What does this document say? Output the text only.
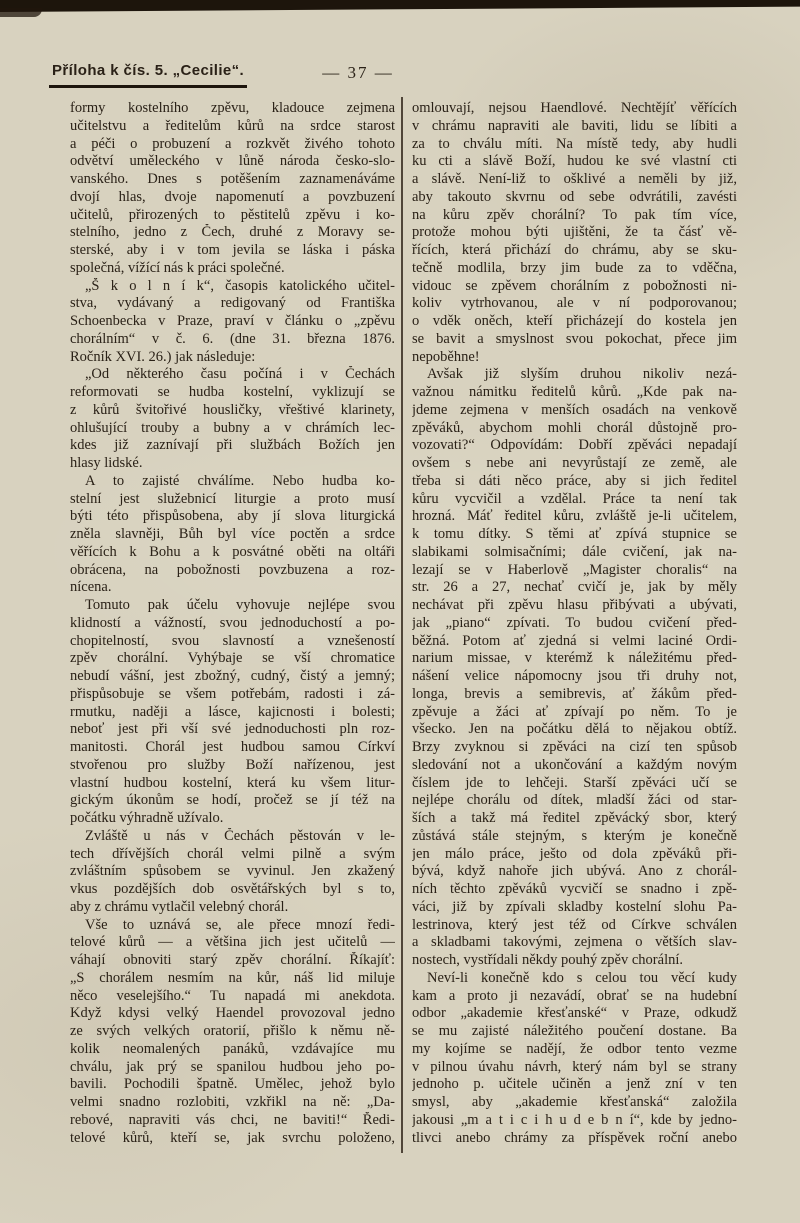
Příloha k čís. 5. „Cecilie“.	— 37 —
formy kostelního zpěvu, kladouce zejmena
učitelstvu a ředitelům kůrů na srdce starost
a péči o probuzení a rozkvět živého tohoto
odvětví uměleckého v lůně národa česko-slo-
vanského. Dnes s potěšením zaznamenáváme
dvojí hlas, dvoje napomenutí a povzbuzení
učitelů, přirozených to pěstitelů zpěvu i ko-
stelního, jedno z Čech, druhé z Moravy se-
sterské, aby i v tom jevila se láska i páska
společná, vížící nás k práci společné.
„Š k o l n í k“, časopis katolického učitel-
stva, vydávaný a redigovaný od Františka
Schoenbecka v Praze, praví v článku o „zpěvu
chorálním“ v č. 6. (dne 31. března 1876.
Ročník XVI. 26.) jak následuje:
„Od některého času počíná i v Čechách
reformovati se hudba kostelní, vyklizují se
z kůrů švitořivé housličky, vřeštivé klarinety,
ohlušující trouby a bubny a v chrámích lec-
kdes již zaznívají při službách Božích jen
hlasy lidské.
A to zajisté chválíme. Nebo hudba ko-
stelní jest služebnicí liturgie a proto musí
býti této přispůsobena, aby jí slova liturgická
zněla slavněji, Bůh byl více poctěn a srdce
věřících k Bohu a k posvátné oběti na oltáři
obrácena, na pobožnosti povzbuzena a roz-
nícena.
Tomuto pak účelu vyhovuje nejlépe svou
klidností a vážností, svou jednoduchostí a po-
chopitelností, svou slavností a vznešeností
zpěv chorální. Vyhýbaje se vší chromatice
nebudí vášní, jest zbožný, cudný, čistý a jemný;
přispůsobuje se všem potřebám, radosti i zá-
rmutku, naději a lásce, kajicnosti i bolesti;
neboť jest při vší své jednoduchosti pln roz-
manitosti. Chorál jest hudbou samou Církví
stvořenou pro služby Boží nařízenou, jest
vlastní hudbou kostelní, která ku všem litur-
gickým úkonům se hodí, pročež se jí též na
počátku výhradně užívalo.
Zvláště u nás v Čechách pěstován v le-
tech dřívějších chorál velmi pilně a svým
zvláštním spůsobem se vyvinul. Jen zkažený
vkus pozdějších dob osvětářských byl s to,
aby z chrámu vytlačil velebný chorál.
Vše to uznává se, ale přece mnozí ředi-
telové kůrů — a většina jich jest učitelů —
váhají obnoviti starý zpěv chorální. Říkajíť:
„S chorálem nesmím na kůr, náš lid miluje
něco veselejšího.“ Tu napadá mi anekdota.
Když kdysi velký Haendel provozoval jedno
ze svých velkých oratorií, přišlo k němu ně-
kolik neomalených panáků, vzdávajíce mu
chválu, jak prý se spanilou hudbou jeho po-
bavili. Pochodili špatně. Umělec, jehož bylo
velmi snadno rozlobiti, vzkřikl na ně: „Da-
rebové, napraviti vás chci, ne baviti!“ Ředi-
telové kůrů, kteří se, jak svrchu položeno,
omlouvají, nejsou Haendlové. Nechtějíť věřících
v chrámu napraviti ale baviti, lidu se líbiti a
za to chválu míti. Na místě tedy, aby hudli
ku cti a slávě Boží, hudou ke své vlastní cti
a slávě. Není-liž to ošklivé a neměli by již,
aby takouto skvrnu od sebe odvrátili, zavésti
na kůru zpěv chorální? To pak tím více,
protože mohou býti ujištěni, že ta čásť vě-
řících, která přichází do chrámu, aby se sku-
tečně modlila, brzy jim bude za to vděčna,
vidouc se zpěvem chorálním z pobožnosti ni-
koliv vytrhovanou, ale v ní podporovanou;
o vděk oněch, kteří přicházejí do kostela jen
se bavit a smyslnost svou pokochat, přece jim
nepoběhne!
Avšak již slyším druhou nikoliv nezá-
važnou námitku ředitelů kůrů. „Kde pak na-
jdeme zejmena v menších osadách na venkově
zpěváků, abychom mohli chorál důstojně pro-
vozovati?“ Odpovídám: Dobří zpěváci nepadají
ovšem s nebe ani nevyrůstají ze země, ale
třeba si dáti něco práce, aby si jich ředitel
kůru vycvičil a vzdělal. Práce ta není tak
hrozná. Máť ředitel kůru, zvláště je-li učitelem,
k tomu dítky. S těmi ať zpívá stupnice se
slabikami solmisačními; dále cvičení, jak na-
lezají se v Haberlově „Magister choralis“ na
str. 26 a 27, nechať cvičí je, jak by měly
nechávat při zpěvu hlasu přibývati a ubývati,
jak „piano“ zpívati. To budou cvičení před-
běžná. Potom ať zjedná si velmi laciné Ordi-
narium missae, v kterémž k náležitému před-
nášení velice nápomocny jsou tři druhy not,
longa, brevis a semibrevis, ať žákům před-
zpěvuje a žáci ať zpívají po něm. To je
všecko. Jen na počátku dělá to nějakou obtíž.
Brzy zvyknou si zpěváci na cizí ten spůsob
sledování not a ukončování a každým novým
číslem jde to lehčeji. Starší zpěváci učí se
nejlépe chorálu od dítek, mladší žáci od star-
ších a takž má ředitel zpěvácký sbor, který
zůstává stále stejným, s kterým je konečně
jen málo práce, ješto od dola zpěváků při-
bývá, když nahoře jich ubývá. Ano z chorál-
ních těchto zpěváků vycvičí se snadno i zpě-
váci, již by zpívali skladby kostelní slohu Pa-
lestrinova, který jest též od Církve schválen
a skladbami takovými, zejmena o větších slav-
nostech, vystřídali někdy pouhý zpěv chorální.
Neví-li konečně kdo s celou tou věcí kudy
kam a proto ji nezavádí, obrať se na hudební
odbor „akademie křesťanské“ v Praze, odkudž
se mu zajisté náležitého poučení dostane. Ba
my kojíme se nadějí, že odbor tento vezme
v pilnou úvahu návrh, který nám byl se strany
jednoho p. učitele učiněn a jenž zní v ten
smysl, aby „akademie křesťanská“ založila
jakousi „m a t i c i h u d e b n í“, kde by jedno-
tlivci anebo chrámy za příspěvek roční anebo
